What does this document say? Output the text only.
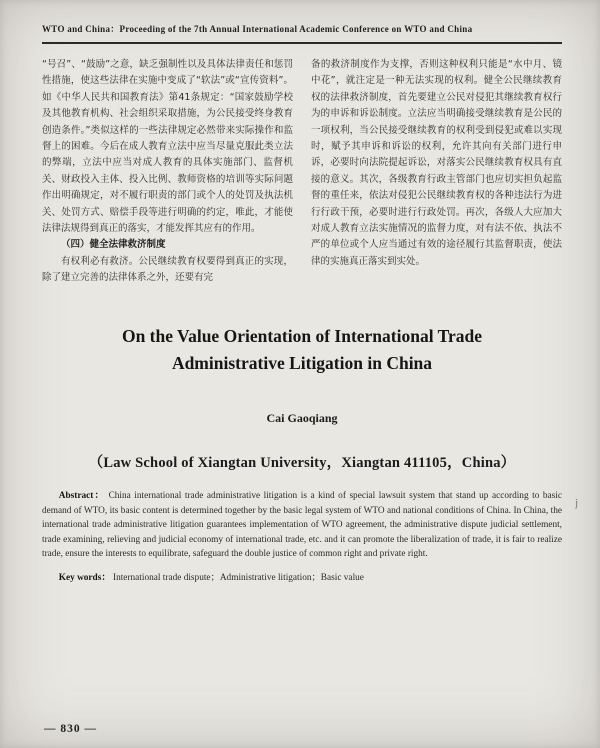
WTO and China：Proceeding of the 7th Annual International Academic Conference on WTO and China

“号召”、“鼓励”之意，缺乏强制性以及具体法律责任和惩罚性措施，使这些法律在实施中变成了“软法”或“宣传资料”。如《中华人民共和国教育法》第41条规定：“国家鼓励学校及其他教育机构、社会组织采取措施，为公民接受终身教育创造条件。”类似这样的一些法律规定必然带来实际操作和监督上的困难。今后在成人教育立法中应当尽量克服此类立法的弊端，立法中应当对成人教育的具体实施部门、监督机关、财政投入主体、投入比例、教师资格的培训等实际问题作出明确规定，对不履行职责的部门或个人的处罚及执法机关、处罚方式、赔偿手段等进行明确的约定，唯此，才能使法律法规得到真正的落实，才能发挥其应有的作用。

（四）健全法律救济制度

有权利必有救济。公民继续教育权要得到真正的实现，除了建立完善的法律体系之外，还要有完

备的救济制度作为支撑，否则这种权利只能是“水中月、镜中花”，就注定是一种无法实现的权利。健全公民继续教育权的法律救济制度，首先要建立公民对侵犯其继续教育权行为的申诉和诉讼制度。立法应当明确接受继续教育是公民的一项权利，当公民接受继续教育的权利受到侵犯或难以实现时，赋予其申诉和诉讼的权利，允许其向有关部门进行申诉，必要时向法院提起诉讼，对落实公民继续教育权具有直接的意义。其次，各级教育行政主管部门也应切实担负起监督的重任来，依法对侵犯公民继续教育权的各种违法行为进行行政干预，必要时进行行政处罚。再次，各级人大应加大对成人教育立法实施情况的监督力度，对有法不依、执法不严的单位或个人应当通过有效的途径履行其监督职责，使法律的实施真正落实到实处。

On the Value Orientation of International Trade
Administrative Litigation in China
Cai Gaoqiang
（Law School of Xiangtan University，Xiangtan 411105，China）

Abstract： China international trade administrative litigation is a kind of special lawsuit system that stand up according to basic demand of WTO, its basic content is determined together by the basic legal system of WTO and national conditions of China. In China, the international trade administrative litigation guarantees implementation of WTO agreement, the administrative dispute judicial settlement, trade examining, relieving and judicial economy of international trade, etc. and it can promote the liberalization of trade, it is fair to realize trade, ensure the interests to equilibrate, safeguard the double justice of common right and private right.

Key words： International trade dispute；Administrative litigation；Basic value

j
— 830 —
